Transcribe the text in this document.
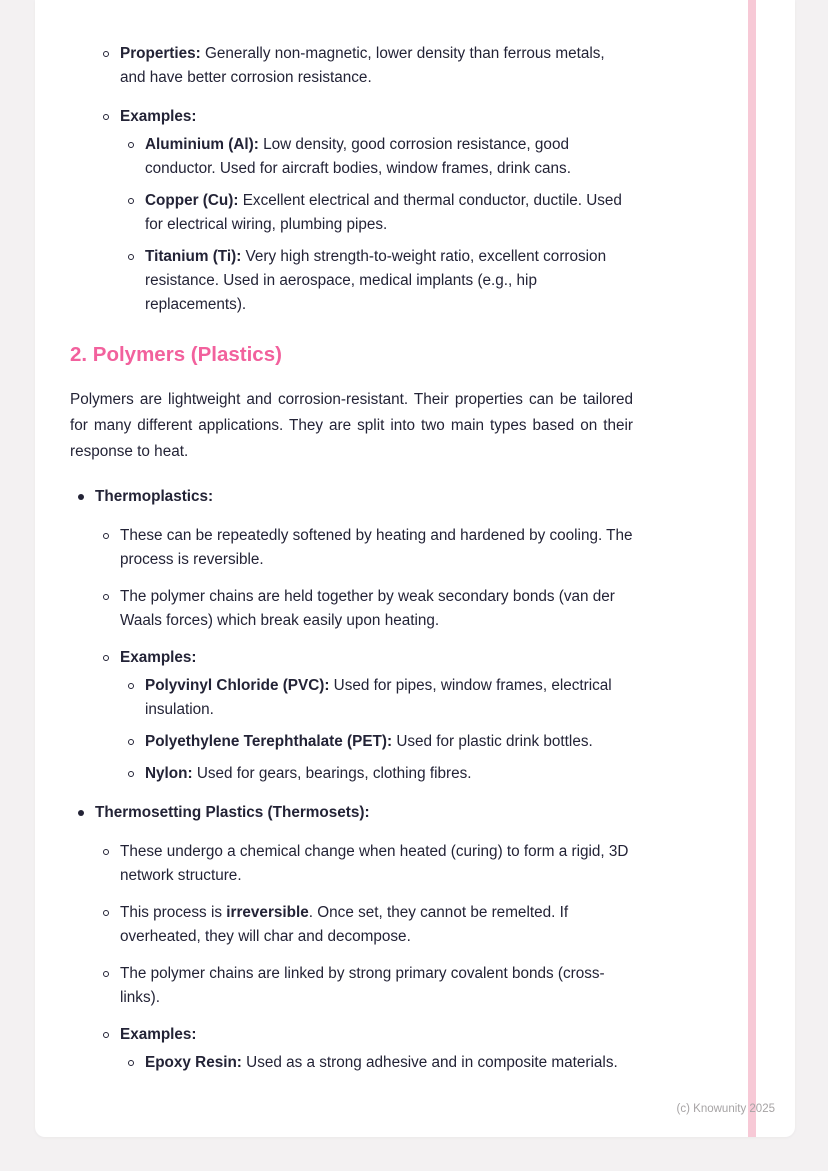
Properties: Generally non-magnetic, lower density than ferrous metals, and have better corrosion resistance.
Examples:
Aluminium (Al): Low density, good corrosion resistance, good conductor. Used for aircraft bodies, window frames, drink cans.
Copper (Cu): Excellent electrical and thermal conductor, ductile. Used for electrical wiring, plumbing pipes.
Titanium (Ti): Very high strength-to-weight ratio, excellent corrosion resistance. Used in aerospace, medical implants (e.g., hip replacements).
2. Polymers (Plastics)

Polymers are lightweight and corrosion-resistant. Their properties can be tailored for many different applications. They are split into two main types based on their response to heat.

Thermoplastics:
These can be repeatedly softened by heating and hardened by cooling. The process is reversible.
The polymer chains are held together by weak secondary bonds (van der Waals forces) which break easily upon heating.
Examples:
Polyvinyl Chloride (PVC): Used for pipes, window frames, electrical insulation.
Polyethylene Terephthalate (PET): Used for plastic drink bottles.
Nylon: Used for gears, bearings, clothing fibres.
Thermosetting Plastics (Thermosets):
These undergo a chemical change when heated (curing) to form a rigid, 3D network structure.
This process is irreversible. Once set, they cannot be remelted. If overheated, they will char and decompose.
The polymer chains are linked by strong primary covalent bonds (cross-links).
Examples:
Epoxy Resin: Used as a strong adhesive and in composite materials.
(c) Knowunity 2025
